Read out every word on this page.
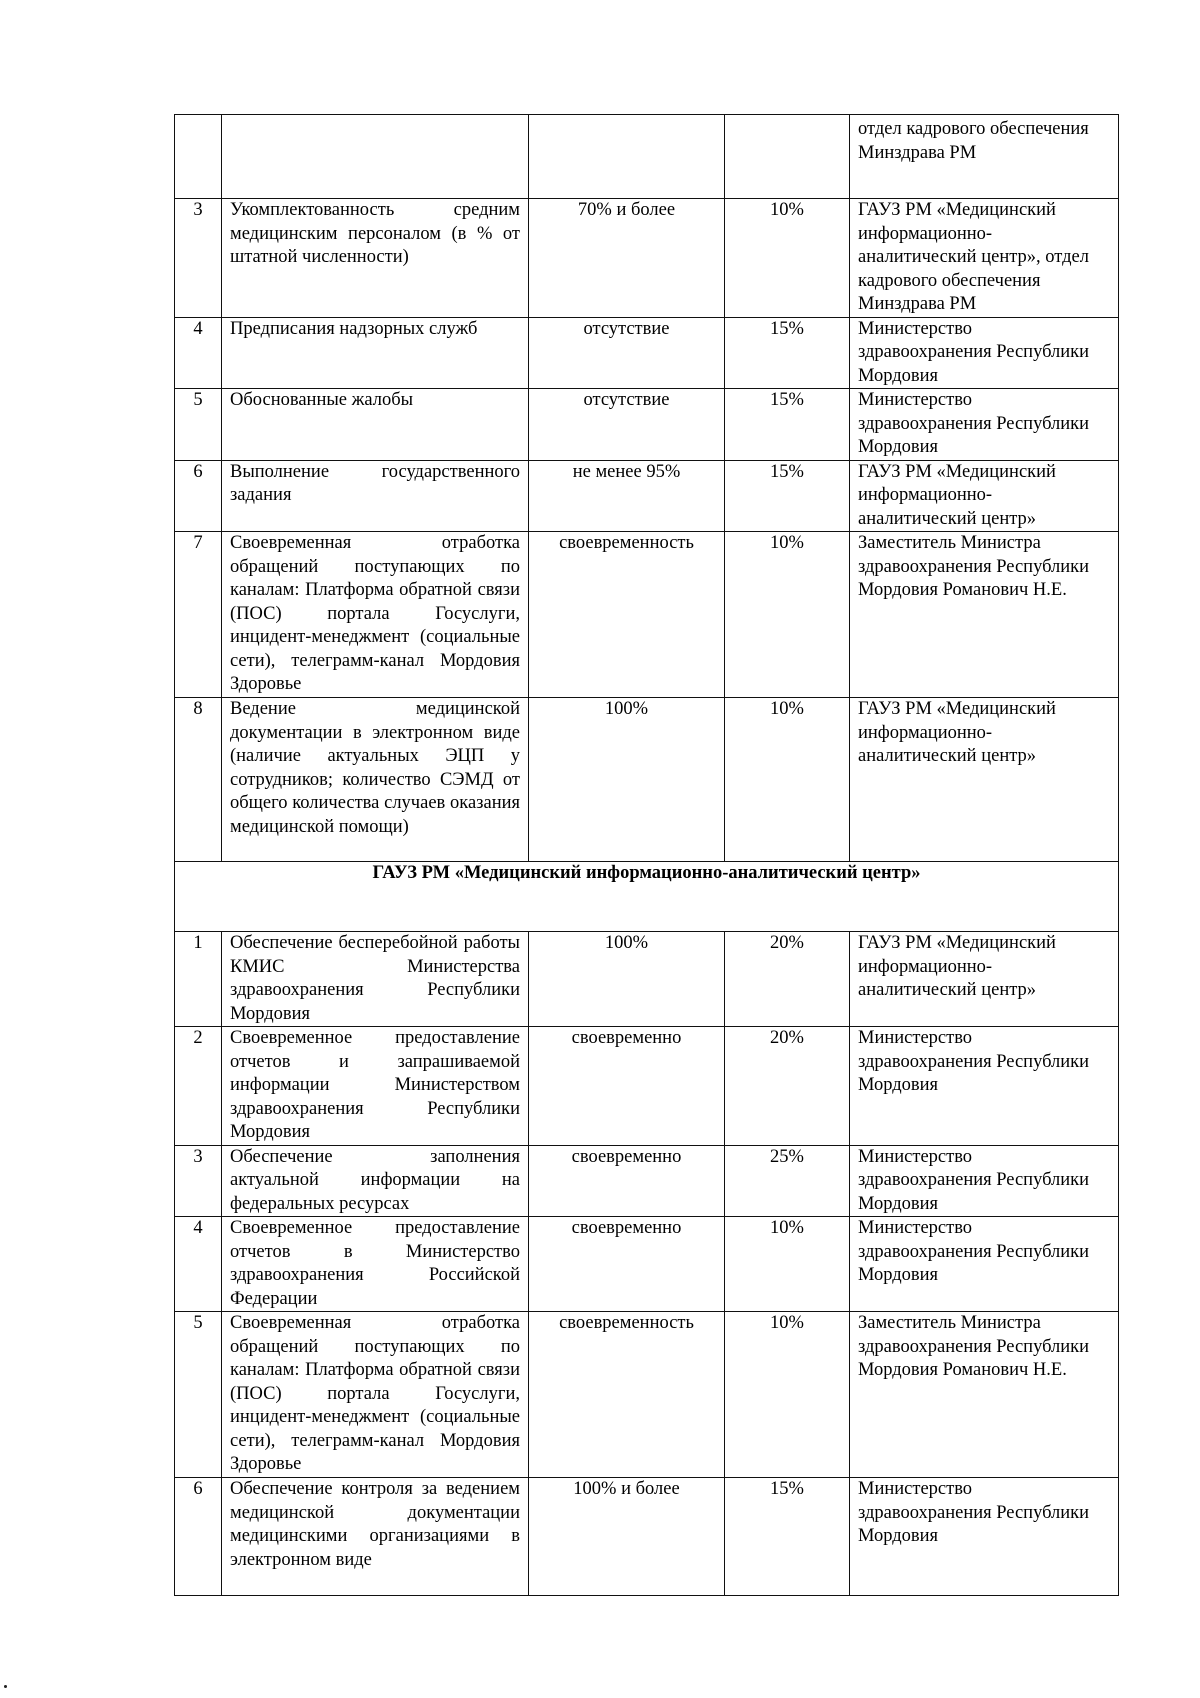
				отдел кадрового обеспечения Минздрава РМ
3	Укомплектованность средним медицинским персоналом (в % от штатной численности)	70% и более	10%	ГАУЗ РМ «Медицинский информационно-аналитический центр», отдел кадрового обеспечения Минздрава РМ
4	Предписания надзорных служб	отсутствие	15%	Министерство здравоохранения Республики Мордовия
5	Обоснованные жалобы	отсутствие	15%	Министерство здравоохранения Республики Мордовия
6	Выполнение государственного задания	не менее 95%	15%	ГАУЗ РМ «Медицинский информационно-аналитический центр»
7	Своевременная отработка обращений поступающих по каналам: Платформа обратной связи (ПОС) портала Госуслуги, инцидент-менеджмент (социальные сети), телеграмм-канал Мордовия Здоровье	своевременность	10%	Заместитель Министра здравоохранения Республики Мордовия Романович Н.Е.
8	Ведение медицинской документации в электронном виде (наличие актуальных ЭЦП у сотрудников; количество СЭМД от общего количества случаев оказания медицинской помощи)	100%	10%	ГАУЗ РМ «Медицинский информационно-аналитический центр»
ГАУЗ РМ «Медицинский информационно-аналитический центр»				
1	Обеспечение бесперебойной работы КМИС Министерства здравоохранения Республики Мордовия	100%	20%	ГАУЗ РМ «Медицинский информационно-аналитический центр»
2	Своевременное предоставление отчетов и запрашиваемой информации Министерством здравоохранения Республики Мордовия	своевременно	20%	Министерство здравоохранения Республики Мордовия
3	Обеспечение заполнения актуальной информации на федеральных ресурсах	своевременно	25%	Министерство здравоохранения Республики Мордовия
4	Своевременное предоставление отчетов в Министерство здравоохранения Российской Федерации	своевременно	10%	Министерство здравоохранения Республики Мордовия
5	Своевременная отработка обращений поступающих по каналам: Платформа обратной связи (ПОС) портала Госуслуги, инцидент-менеджмент (социальные сети), телеграмм-канал Мордовия Здоровье	своевременность	10%	Заместитель Министра здравоохранения Республики Мордовия Романович Н.Е.
6	Обеспечение контроля за ведением медицинской документации медицинскими организациями в электронном виде	100% и более	15%	Министерство здравоохранения Республики Мордовия
